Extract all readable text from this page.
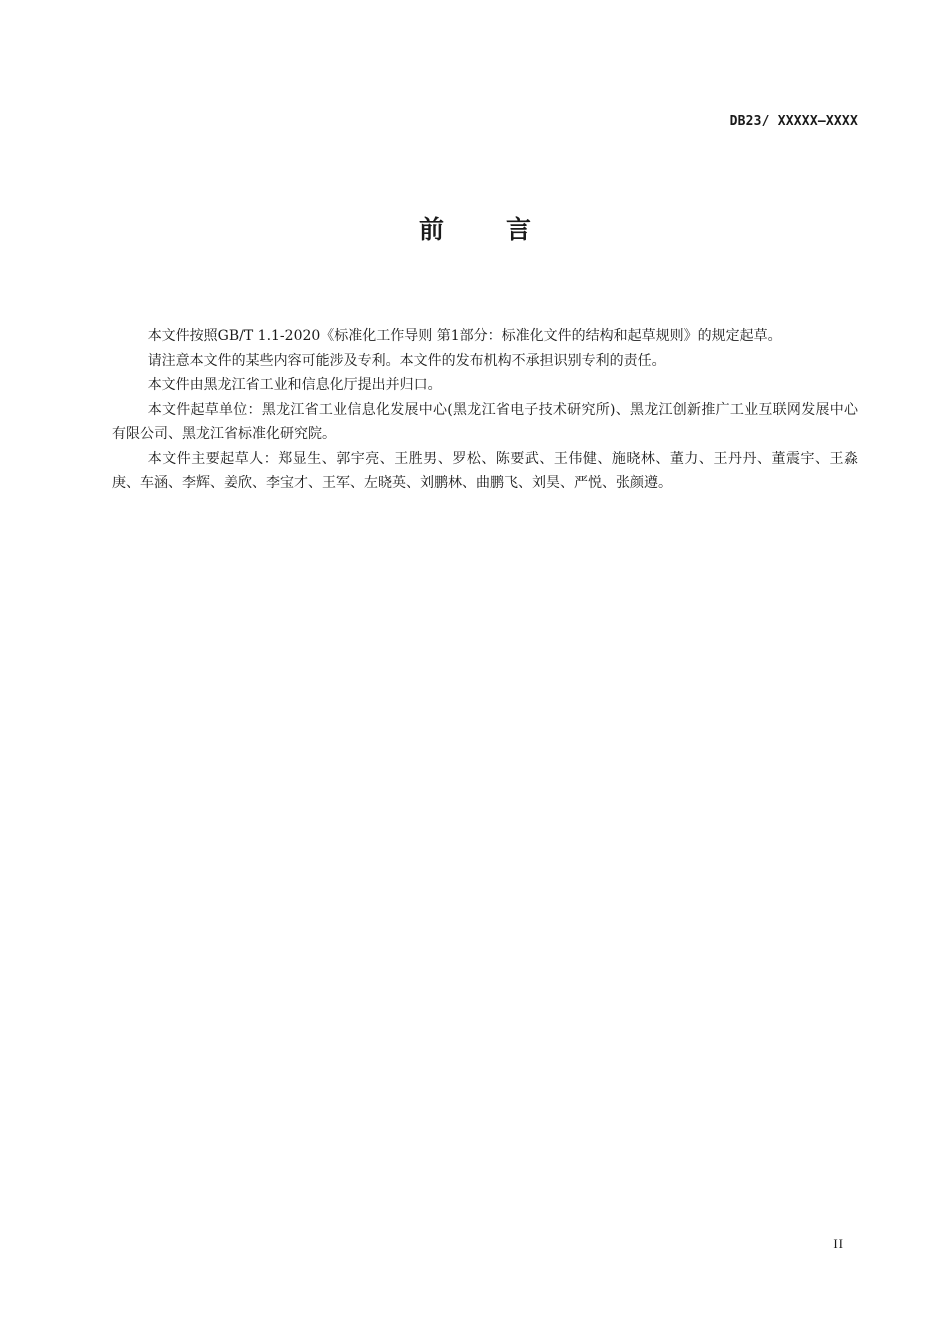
DB23/ XXXXX—XXXX
前言

本文件按照GB/T 1.1-2020《标准化工作导则 第1部分：标准化文件的结构和起草规则》的规定起草。

请注意本文件的某些内容可能涉及专利。本文件的发布机构不承担识别专利的责任。

本文件由黑龙江省工业和信息化厅提出并归口。

本文件起草单位：黑龙江省工业信息化发展中心(黑龙江省电子技术研究所)、黑龙江创新推广工业互联网发展中心有限公司、黑龙江省标准化研究院。

本文件主要起草人：郑显生、郭宇亮、王胜男、罗松、陈要武、王伟健、施晓林、董力、王丹丹、董震宇、王淼庚、车涵、李辉、姜欣、李宝才、王军、左晓英、刘鹏林、曲鹏飞、刘昊、严悦、张颜遵。

II
